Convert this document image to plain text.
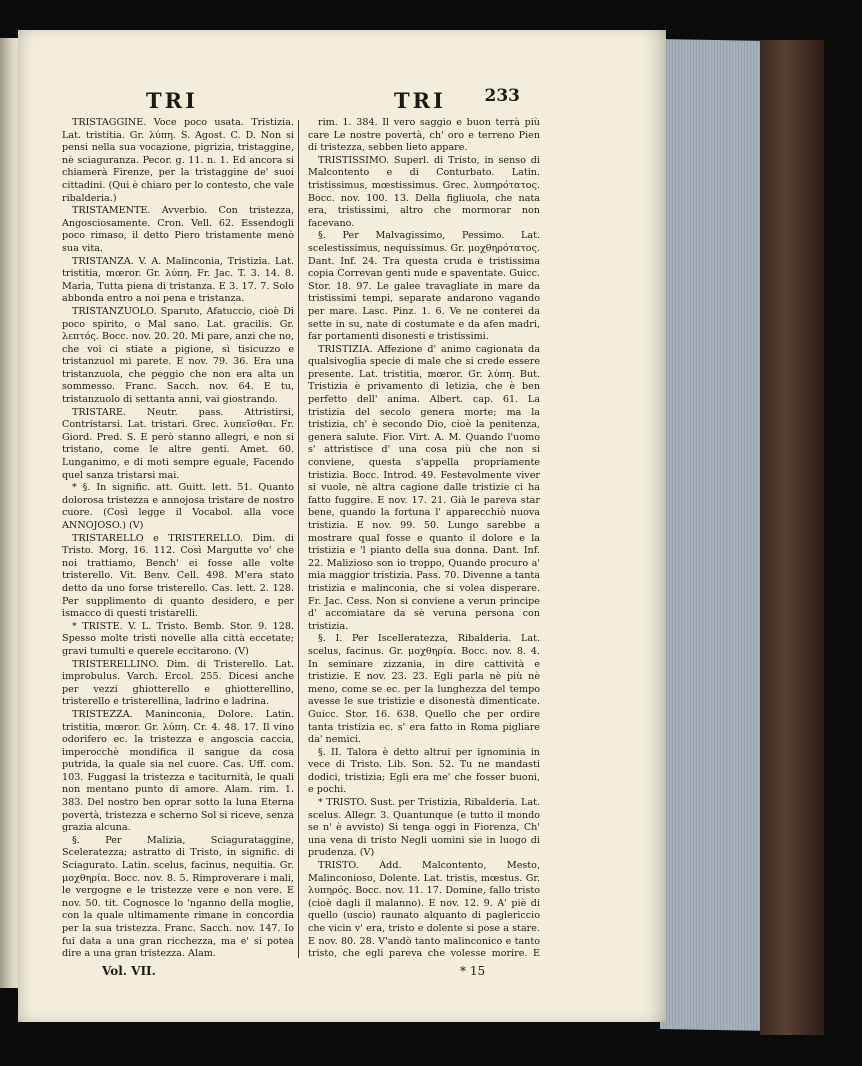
TRI	TRI 233

TRISTAGGINE. Voce poco usata. Tristizia. Lat. tristitia. Gr. λύπη. S. Agost. C. D. Non si pensi nella sua vocazione, pigrizia, tristaggine, nè sciaguranza. Pecor. g. 11. n. 1. Ed ancora si chiamerà Firenze, per la tristaggine de' suoi cittadini. (Qui è chiaro per lo contesto, che vale ribalderia.)

TRISTAMENTE. Avverbio. Con tristezza, Angosciosamente. Cron. Vell. 62. Essendogli poco rimaso, il detto Piero tristamente menò sua vita.

TRISTANZA. V. A. Malinconia, Tristizia. Lat. tristitia, mœror. Gr. λύπη. Fr. Jac. T. 3. 14. 8. Maria, Tutta piena di tristanza. E 3. 17. 7. Solo abbonda entro a noi pena e tristanza.

TRISTANZUOLO. Sparuto, Afatuccio, cioè Di poco spirito, o Mal sano. Lat. gracilis. Gr. λεπτός. Bocc. nov. 20. 20. Mi pare, anzi che no, che voi ci stiate a pigione, sì tisicuzzo e tristanzuol mi parete. E nov. 79. 36. Era una tristanzuola, che peggio che non era alta un sommesso. Franc. Sacch. nov. 64. E tu, tristanzuolo di settanta anni, vai giostrando.

TRISTARE. Neutr. pass. Attristirsi, Contristarsi. Lat. tristari. Grec. λυπεῖσθαι. Fr. Giord. Pred. S. E però stanno allegri, e non si tristano, come le altre genti. Amet. 60. Lunganimo, e di moti sempre eguale, Facendo quel sanza tristarsi mai.

* §. In signific. att. Guitt. lett. 51. Quanto dolorosa tristezza e annojosa tristare de nostro cuore. (Così legge il Vocabol. alla voce ANNOJOSO.) (V)

TRISTARELLO e TRISTERELLO. Dim. di Tristo. Morg. 16. 112. Così Margutte vo' che noi trattiamo, Bench' ei fosse alle volte tristerello. Vit. Benv. Cell. 498. M'era stato detto da uno forse tristerello. Cas. lett. 2. 128. Per supplimento di quanto desidero, e per ismacco di questi tristarelli.

* TRISTE. V. L. Tristo. Bemb. Stor. 9. 128. Spesso molte tristi novelle alla città eccetate; gravi tumulti e querele eccitarono. (V)

TRISTERELLINO. Dim. di Tristerello. Lat. improbulus. Varch. Ercol. 255. Dicesi anche per vezzi ghiotterello e ghiotterellino, tristerello e tristerellina, ladrino e ladrina.

TRISTEZZA. Maninconia, Dolore. Latin. tristitia, mœror. Gr. λύπη. Cr. 4. 48. 17. Il vino odorifero ec. la tristezza e angoscia caccia, imperocchè mondifica il sangue da cosa putrida, la quale sia nel cuore. Cas. Uff. com. 103. Fuggasi la tristezza e taciturnità, le quali non mentano punto di amore. Alam. rim. 1. 383. Del nostro ben oprar sotto la luna Eterna povertà, tristezza e scherno Sol si riceve, senza grazia alcuna.

§. Per Malizia, Sciagurataggine, Sceleratezza; astratto di Tristo, in signific. di Sciagurato. Latin. scelus, facinus, nequitia. Gr. μοχθηρία. Bocc. nov. 8. 5. Rimproverare i mali, le vergogne e le tristezze vere e non vere. E nov. 50. tit. Cognosce lo 'nganno della moglie, con la quale ultimamente rimane in concordia per la sua tristezza. Franc. Sacch. nov. 147. Io fui data a una gran ricchezza, ma e' si potea dire a una gran tristezza. Alam.

rim. 1. 384. Il vero saggio e buon terrà più care Le nostre povertà, ch' oro e terreno Pien di tristezza, sebben lieto appare.

TRISTISSIMO. Superl. di Tristo, in senso di Malcontento e di Conturbato. Latin. tristissimus, mœstissimus. Grec. λυπηρότατος. Bocc. nov. 100. 13. Della figliuola, che nata era, tristissimi, altro che mormorar non facevano.

§. Per Malvagissimo, Pessimo. Lat. scelestissimus, nequissimus. Gr. μοχθηρότατος. Dant. Inf. 24. Tra questa cruda e tristissima copia Correvan genti nude e spaventate. Guicc. Stor. 18. 97. Le galee travagliate in mare da tristissimi tempi, separate andarono vagando per mare. Lasc. Pinz. 1. 6. Ve ne conterei da sette in su, nate di costumate e da afen madri, far portamenti disonesti e tristissimi.

TRISTIZIA. Affezione d' animo cagionata da qualsivoglia specie di male che si crede essere presente. Lat. tristitia, mœror. Gr. λύπη. But. Tristizia è privamento di letizia, che è ben perfetto dell' anima. Albert. cap. 61. La tristizia del secolo genera morte; ma la tristizia, ch' è secondo Dio, cioè la penitenza, genera salute. Fior. Virt. A. M. Quando l'uomo s' attristisce d' una cosa più che non si conviene, questa s'appella propriamente tristizia. Bocc. Introd. 49. Festevolmente viver si vuole, nè altra cagione dalle tristizie ci ha fatto fuggire. E nov. 17. 21. Già le pareva star bene, quando la fortuna l' apparecchiò nuova tristizia. E nov. 99. 50. Lungo sarebbe a mostrare qual fosse e quanto il dolore e la tristizia e 'l pianto della sua donna. Dant. Inf. 22. Malizioso son io troppo, Quando procuro a' mia maggior tristizia. Pass. 70. Divenne a tanta tristizia e malinconia, che si volea disperare. Fr. Jac. Cess. Non si conviene a verun principe d' accomiatare da sè veruna persona con tristizia.

§. I. Per Iscelleratezza, Ribalderia. Lat. scelus, facinus. Gr. μοχθηρία. Bocc. nov. 8. 4. In seminare zizzania, in dire cattività e tristizie. E nov. 23. 23. Egli parla nè più nè meno, come se ec. per la lunghezza del tempo avesse le sue tristizie e disonestà dimenticate. Guicc. Stor. 16. 638. Quello che per ordire tanta tristizia ec. s' era fatto in Roma pigliare da' nemici.

§. II. Talora è detto altrui per ignominia in vece di Tristo. Lib. Son. 52. Tu ne mandasti dodici, tristizia; Egli era me' che fosser buoni, e pochi.

* TRISTO. Sust. per Tristizia, Ribalderia. Lat. scelus. Allegr. 3. Quantunque (e tutto il mondo se n' è avvisto) Si tenga oggi in Fiorenza, Ch' una vena di tristo Negli uomini sie in luogo di prudenza. (V)

TRISTO. Add. Malcontento, Mesto, Malinconioso, Dolente. Lat. tristis, mœstus. Gr. λυπηρός. Bocc. nov. 11. 17. Domine, fallo tristo (cioè dagli il malanno). E nov. 12. 9. A' piè di quello (uscio) raunato alquanto di paglericcio che vicin v' era, tristo e dolente si pose a stare. E nov. 80. 28. V'andò tanto malinconico e tanto tristo, che egli pareva che volesse morire. E

Vol. VII.	* 15
